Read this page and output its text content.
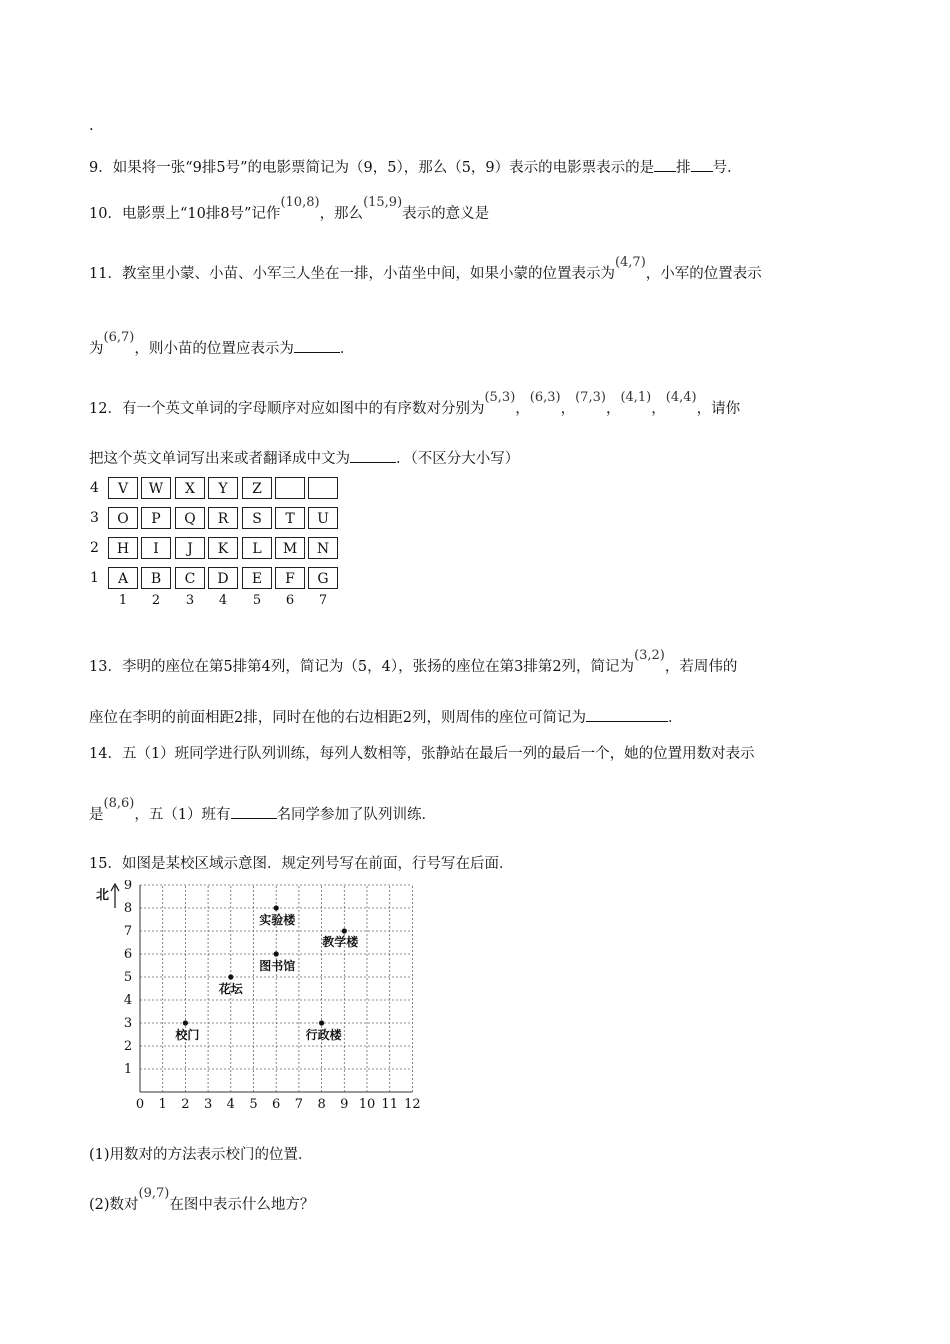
.
9．如果将一张“9排5号”的电影票简记为（9，5），那么（5，9）表示的电影票表示的是 排 号．
10．电影票上“10排8号”记作(10,8)，那么(15,9)表示的意义是
11．教室里小蒙、小苗、小军三人坐在一排，小苗坐中间，如果小蒙的位置表示为(4,7)，小军的位置表示
为(6,7)，则小苗的位置应表示为	．
12．有一个英文单词的字母顺序对应如图中的有序数对分别为(5,3)，(6,3)，(7,3)，(4,1)，(4,4)，请你
把这个英文单词写出来或者翻译成中文为	．（不区分大小写）
4	V	W	X	Y	Z
3	O	P	Q	R	S	T	U
2	H	I	J	K	L	M	N
1	A	B	C	D	E	F	G
1	2	3	4	5	6	7
13．李明的座位在第5排第4列，简记为（5，4），张扬的座位在第3排第2列，简记为(3,2)，若周伟的
座位在李明的前面相距2排，同时在他的右边相距2列，则周伟的座位可简记为	．
14．五（1）班同学进行队列训练，每列人数相等，张静站在最后一列的最后一个，她的位置用数对表示
是(8,6)，五（1）班有	名同学参加了队列训练．
15．如图是某校区域示意图．规定列号写在前面，行号写在后面．
0 1 2 3 4 5 6 7 8 9 10 11 12
1
2
3
4
5
6
7
8
9
北
校门
花坛
图书馆
实验楼
教学楼
行政楼
(1)用数对的方法表示校门的位置．
(2)数对(9,7)在图中表示什么地方？
